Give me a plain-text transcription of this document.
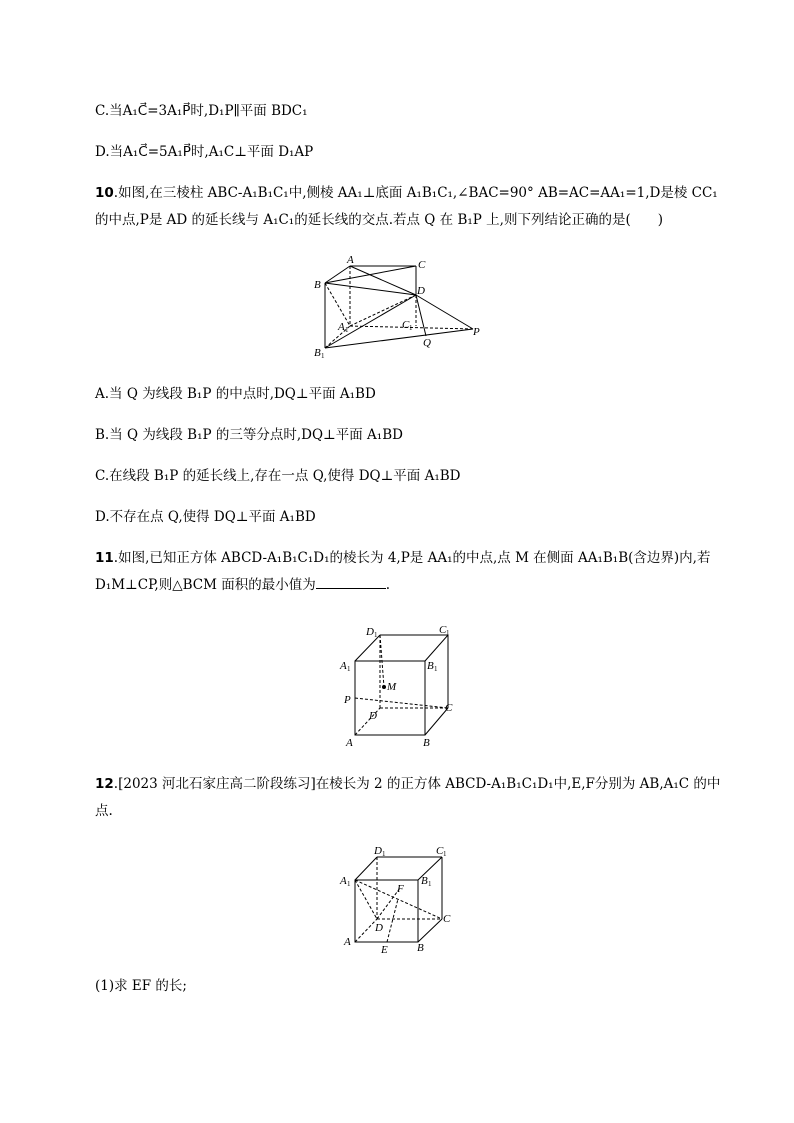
C.当A₁C⃗=3A₁P⃗时,D₁P∥平面 BDC₁
D.当A₁C⃗=5A₁P⃗时,A₁C⊥平面 D₁AP
10.如图,在三棱柱 ABC-A₁B₁C₁中,侧棱 AA₁⊥底面 A₁B₁C₁,∠BAC=90° AB=AC=AA₁=1,D是棱 CC₁
的中点,P是 AD 的延长线与 A₁C₁的延长线的交点.若点 Q 在 B₁P 上,则下列结论正确的是(　　)
A	C
B	D
A 1	C 1
B 1
Q
P
A.当 Q 为线段 B₁P 的中点时,DQ⊥平面 A₁BD
B.当 Q 为线段 B₁P 的三等分点时,DQ⊥平面 A₁BD
C.在线段 B₁P 的延长线上,存在一点 Q,使得 DQ⊥平面 A₁BD
D.不存在点 Q,使得 DQ⊥平面 A₁BD
11.如图,已知正方体 ABCD-A₁B₁C₁D₁的棱长为 4,P是 AA₁的中点,点 M 在侧面 AA₁B₁B(含边界)内,若
D₁M⊥CP,则△BCM 面积的最小值为	.
D 1	C 1
A 1	B 1
M
P
D
C
A	B
12.[2023 河北石家庄高二阶段练习]在棱长为 2 的正方体 ABCD-A₁B₁C₁D₁中,E,F分别为 AB,A₁C 的中
点.
D 1	C 1
A 1	B 1
F
D
C
A
E	B
(1)求 EF 的长;
